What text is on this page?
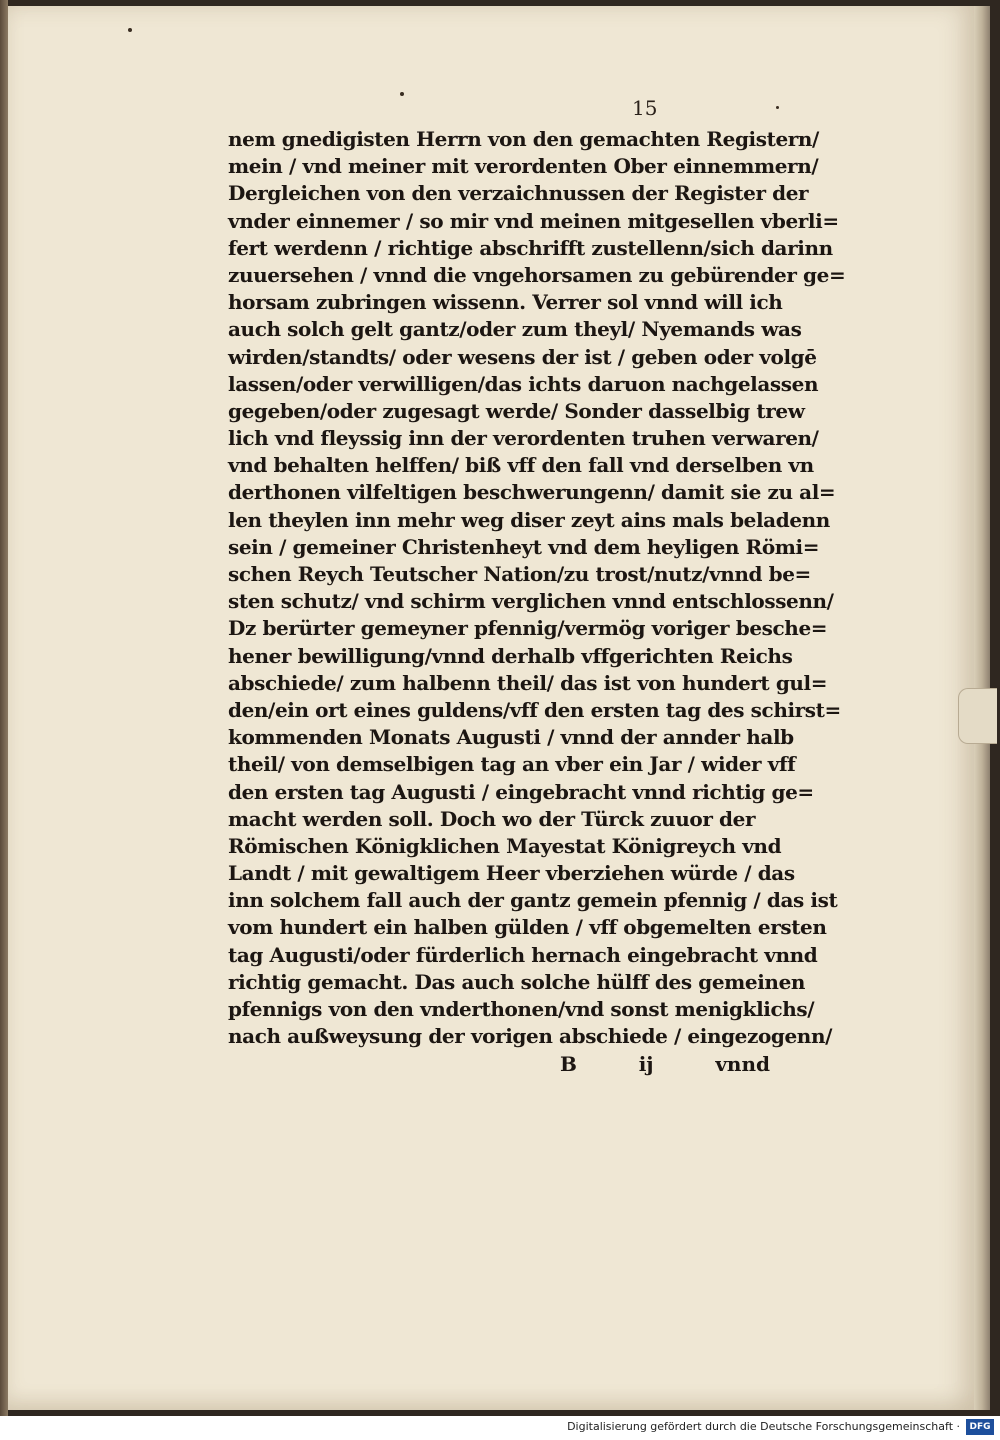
15
nem gnedigisten Herrn von den gemachten Registern/
mein / vnd meiner mit verordenten Ober einnemmern/
Dergleichen von den verzaichnussen der Register der
vnder einnemer / so mir vnd meinen mitgesellen vberli=
fert werdenn / richtige abschrifft zustellenn/sich darinn
zuuersehen / vnnd die vngehorsamen zu gebürender ge=
horsam zubringen wissenn. Verrer sol vnnd will ich
auch solch gelt gantz/oder zum theyl/ Nyemands was
wirden/standts/ oder wesens der ist / geben oder volgē
lassen/oder verwilligen/das ichts daruon nachgelassen
gegeben/oder zugesagt werde/ Sonder dasselbig trew
lich vnd fleyssig inn der verordenten truhen verwaren/
vnd behalten helffen/ biß vff den fall vnd derselben vn
derthonen vilfeltigen beschwerungenn/ damit sie zu al=
len theylen inn mehr weg diser zeyt ains mals beladenn
sein / gemeiner Christenheyt vnd dem heyligen Römi=
schen Reych Teutscher Nation/zu trost/nutz/vnnd be=
sten schutz/ vnd schirm verglichen vnnd entschlossenn/
Dz berürter gemeyner pfennig/vermög voriger besche=
hener bewilligung/vnnd derhalb vffgerichten Reichs
abschiede/ zum halbenn theil/ das ist von hundert gul=
den/ein ort eines guldens/vff den ersten tag des schirst=
kommenden Monats Augusti / vnnd der annder halb
theil/ von demselbigen tag an vber ein Jar / wider vff
den ersten tag Augusti / eingebracht vnnd richtig ge=
macht werden soll. Doch wo der Türck zuuor der
Römischen Königklichen Mayestat Königreych vnd
Landt / mit gewaltigem Heer vberziehen würde / das
inn solchem fall auch der gantz gemein pfennig / das ist
vom hundert ein halben gülden / vff obgemelten ersten
tag Augusti/oder fürderlich hernach eingebracht vnnd
richtig gemacht. Das auch solche hülff des gemeinen
pfennigs von den vnderthonen/vnd sonst menigklichs/
nach außweysung der vorigen abschiede / eingezogenn/
B	ij	vnnd
Digitalisierung gefördert durch die Deutsche Forschungsgemeinschaft ·	DFG
